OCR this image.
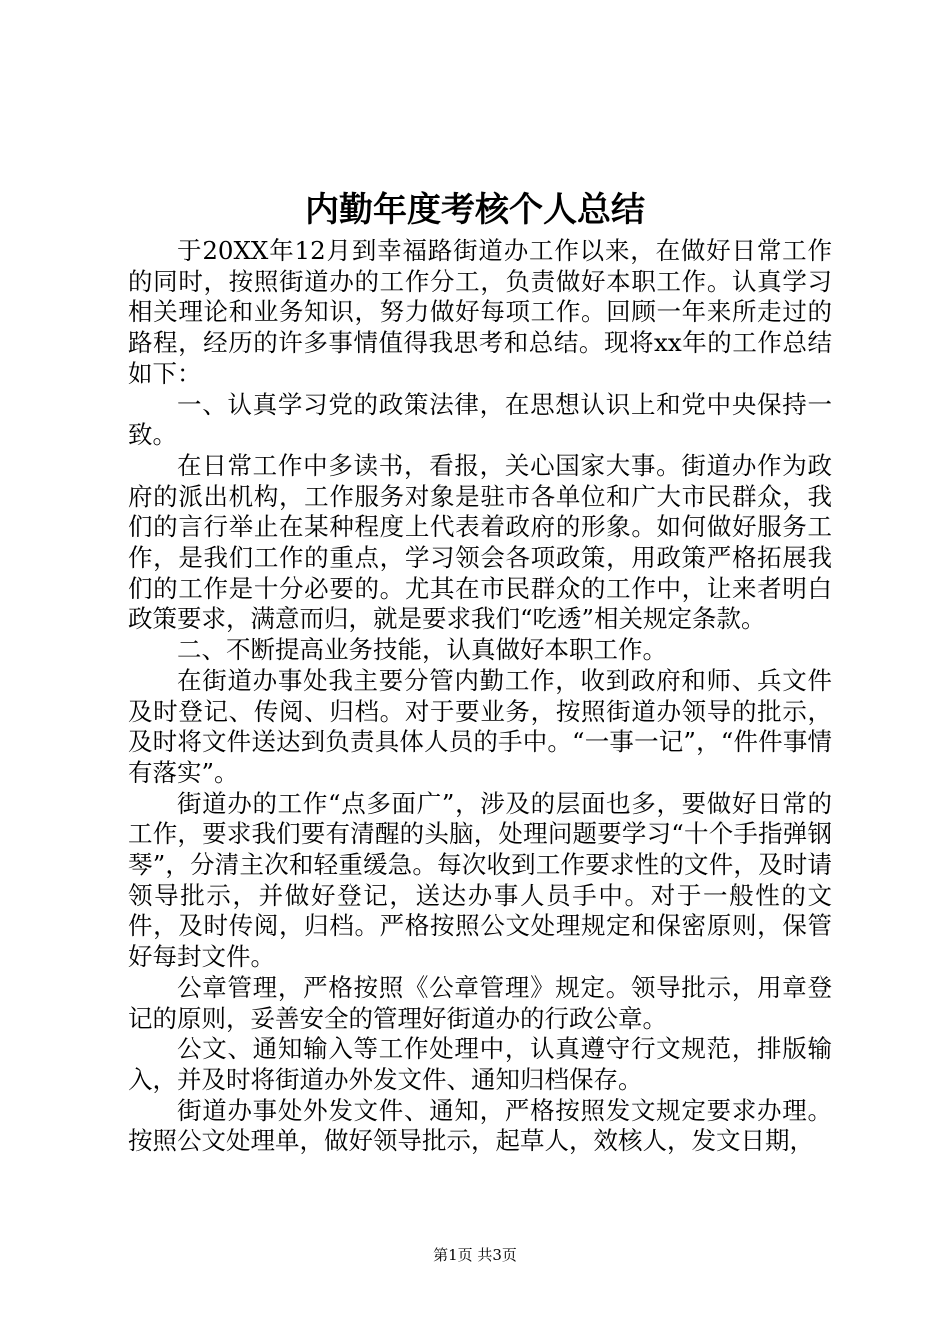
内勤年度考核个人总结

于20XX年12月到幸福路街道办工作以来，在做好日常工作的同时，按照街道办的工作分工，负责做好本职工作。认真学习相关理论和业务知识，努力做好每项工作。回顾一年来所走过的路程，经历的许多事情值得我思考和总结。现将xx年的工作总结如下：

一、认真学习党的政策法律，在思想认识上和党中央保持一致。

在日常工作中多读书，看报，关心国家大事。街道办作为政府的派出机构，工作服务对象是驻市各单位和广大市民群众，我们的言行举止在某种程度上代表着政府的形象。如何做好服务工作，是我们工作的重点，学习领会各项政策，用政策严格拓展我们的工作是十分必要的。尤其在市民群众的工作中，让来者明白政策要求，满意而归，就是要求我们“吃透”相关规定条款。

二、不断提高业务技能，认真做好本职工作。

在街道办事处我主要分管内勤工作，收到政府和师、兵文件及时登记、传阅、归档。对于要业务，按照街道办领导的批示，及时将文件送达到负责具体人员的手中。“一事一记”，“件件事情有落实”。

街道办的工作“点多面广”，涉及的层面也多，要做好日常的工作，要求我们要有清醒的头脑，处理问题要学习“十个手指弹钢琴”，分清主次和轻重缓急。每次收到工作要求性的文件，及时请领导批示，并做好登记，送达办事人员手中。对于一般性的文件，及时传阅，归档。严格按照公文处理规定和保密原则，保管好每封文件。

公章管理，严格按照《公章管理》规定。领导批示，用章登记的原则，妥善安全的管理好街道办的行政公章。

公文、通知输入等工作处理中，认真遵守行文规范，排版输入，并及时将街道办外发文件、通知归档保存。

街道办事处外发文件、通知，严格按照发文规定要求办理。按照公文处理单，做好领导批示，起草人，效核人，发文日期，

第1页 共3页
